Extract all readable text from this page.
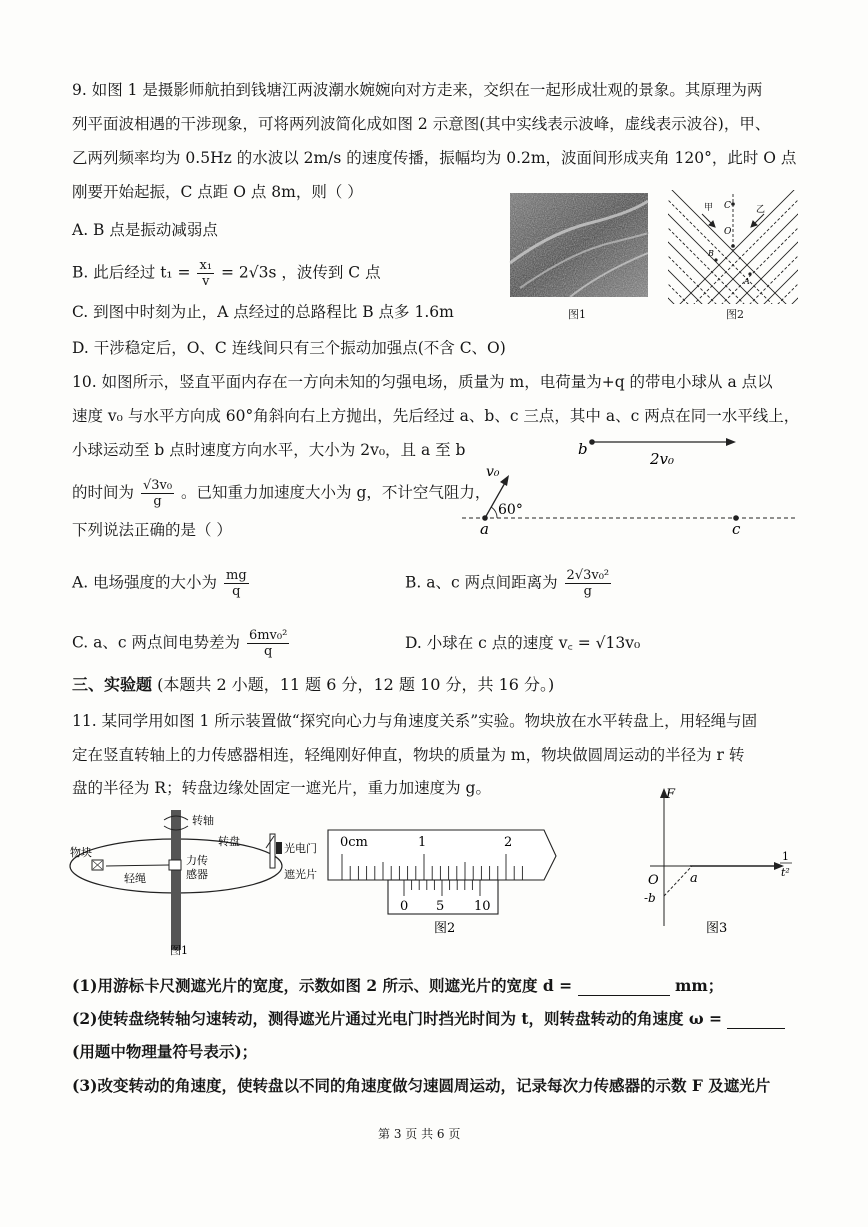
9. 如图 1 是摄影师航拍到钱塘江两波潮水婉婉向对方走来，交织在一起形成壮观的景象。其原理为两
列平面波相遇的干涉现象，可将两列波简化成如图 2 示意图(其中实线表示波峰，虚线表示波谷)，甲、
乙两列频率均为 0.5Hz 的水波以 2m/s 的速度传播，振幅均为 0.2m，波面间形成夹角 120°，此时 O 点
刚要开始起振，C 点距 O 点 8m，则（ ）
A. B 点是振动减弱点
B. 此后经过 $t_1 = \frac{\text{x₁}}{v} = 2√3s$ ，波传到 C 点
C. 到图中时刻为止，A 点经过的总路程比 B 点多 1.6m
D. 干涉稳定后，O、C 连线间只有三个振动加强点(不含 C、O)
图1
甲	乙
C
O
B
A
图2
10. 如图所示，竖直平面内存在一方向未知的匀强电场，质量为 m，电荷量为+q 的带电小球从 a 点以
速度 v₀ 与水平方向成 60°角斜向右上方抛出，先后经过 a、b、c 三点，其中 a、c 两点在同一水平线上，
小球运动至 b 点时速度方向水平，大小为 2v₀，且 a 至 b
的时间为 $\frac{\text{√3v₀}}{g}$ 。已知重力加速度大小为 g，不计空气阻力，
下列说法正确的是（ ）
b
2v₀
v₀
60°
a	c
A. 电场强度的大小为 $\frac{mg}{q}$	B. a、c 两点间距离为 $\frac{\text{2√3v₀²}}{g}$
C. a、c 两点间电势差为 $\frac{\text{6mv₀²}}{q}$	D. 小球在 c 点的速度 v꜀ = √13v₀
三、实验题 (本题共 2 小题，11 题 6 分，12 题 10 分，共 16 分。)
11. 某同学用如图 1 所示装置做“探究向心力与角速度关系”实验。物块放在水平转盘上，用轻绳与固
定在竖直转轴上的力传感器相连，轻绳刚好伸直，物块的质量为 m，物块做圆周运动的半径为 r 转
盘的半径为 R；转盘边缘处固定一遮光片，重力加速度为 g。
转轴
转盘
光电门
遮光片
物块
力传
感器
轻绳
图1
0cm	1	2
0 5 10
图2
F
O a
-b
1
t²
图3
(1)用游标卡尺测遮光片的宽度，示数如图 2 所示、则遮光片的宽度 d =	mm；
(2)使转盘绕转轴匀速转动，测得遮光片通过光电门时挡光时间为 t，则转盘转动的角速度 ω =
(用题中物理量符号表示)；
(3)改变转动的角速度，使转盘以不同的角速度做匀速圆周运动，记录每次力传感器的示数 F 及遮光片
第 3 页 共 6 页
